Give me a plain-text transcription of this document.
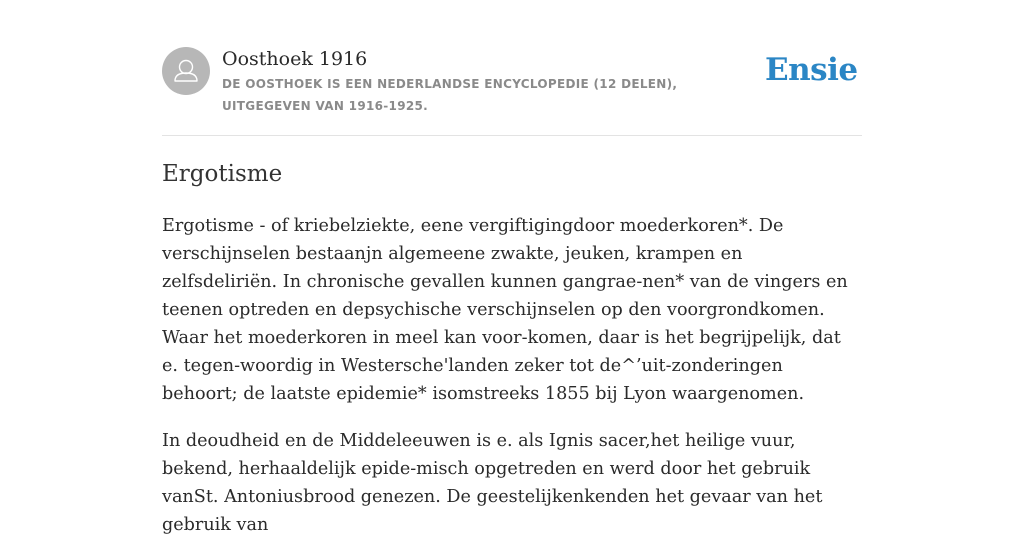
Oosthoek 1916
DE OOSTHOEK IS EEN NEDERLANDSE ENCYCLOPEDIE (12 DELEN), UITGEGEVEN VAN 1916-1925.
Ensie
Ergotisme

Ergotisme - of kriebelziekte, eene vergiftigingdoor moederkoren*. De verschijnselen bestaanjn algemeene zwakte, jeuken, krampen en zelfsdeliriën. In chronische gevallen kunnen gangrae-nen* van de vingers en teenen optreden en depsychische verschijnselen op den voorgrondkomen. Waar het moederkoren in meel kan voor-komen, daar is het begrijpelijk, dat e. tegen-woordig in Westersche'landen zeker tot de^’uit-zonderingen behoort; de laatste epidemie* isomstreeks 1855 bij Lyon waargenomen.

In deoudheid en de Middeleeuwen is e. als Ignis sacer,het heilige vuur, bekend, herhaaldelijk epide-misch opgetreden en werd door het gebruik vanSt. Antoniusbrood genezen. De geestelijkenkenden het gevaar van het gebruik van
